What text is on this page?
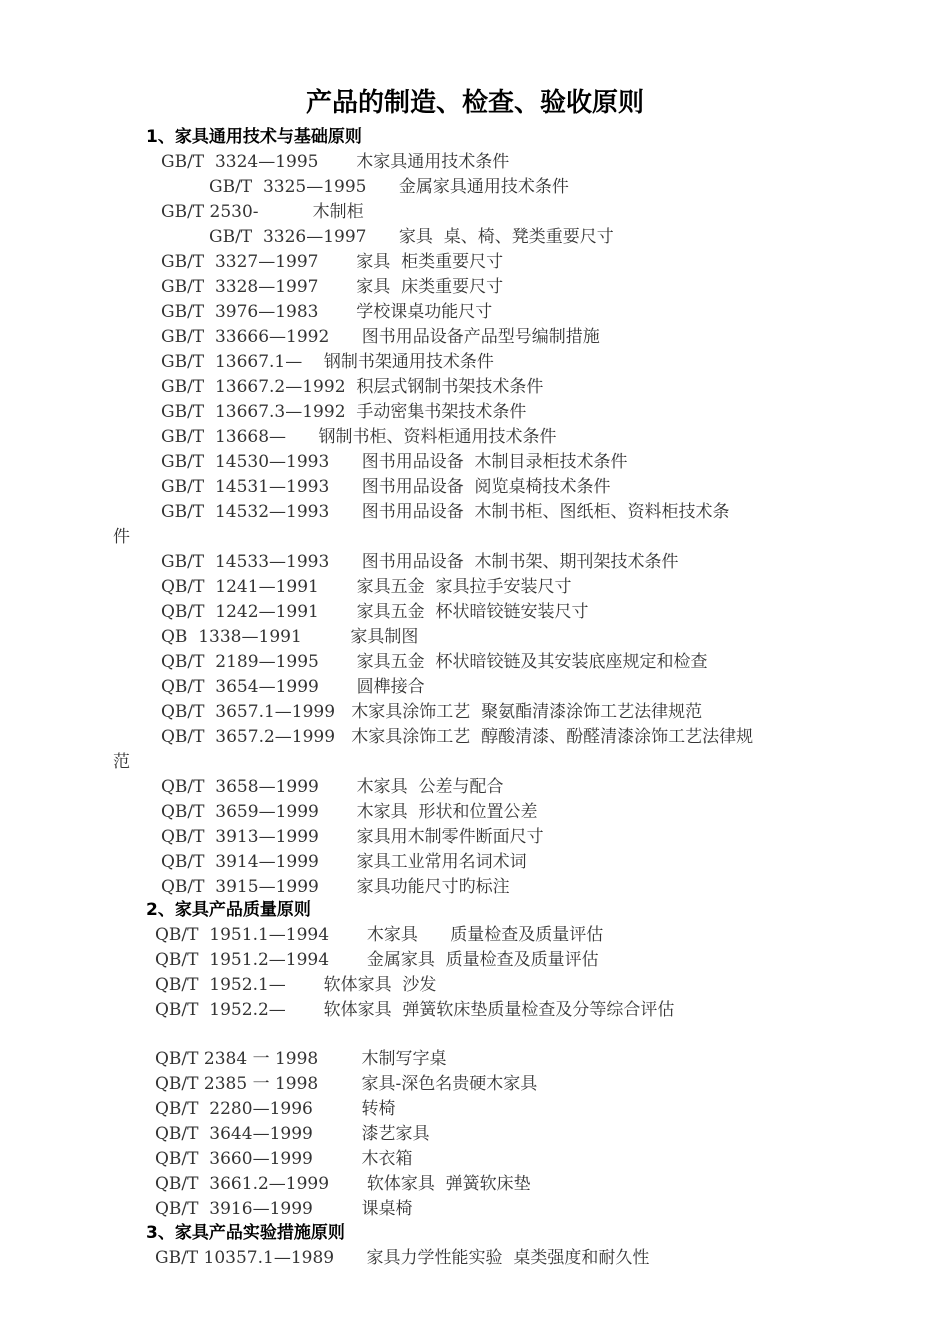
产品的制造、检查、验收原则
1、家具通用技术与基础原则
GB/T  3324—1995       木家具通用技术条件
GB/T  3325—1995      金属家具通用技术条件
GB/T 2530-          木制柜
GB/T  3326—1997      家具  桌、椅、凳类重要尺寸
GB/T  3327—1997       家具  柜类重要尺寸
GB/T  3328—1997       家具  床类重要尺寸
GB/T  3976—1983       学校课桌功能尺寸
GB/T  33666—1992      图书用品设备产品型号编制措施
GB/T  13667.1—    钢制书架通用技术条件
GB/T  13667.2—1992  积层式钢制书架技术条件
GB/T  13667.3—1992  手动密集书架技术条件
GB/T  13668—      钢制书柜、资料柜通用技术条件
GB/T  14530—1993      图书用品设备  木制目录柜技术条件
GB/T  14531—1993      图书用品设备  阅览桌椅技术条件
GB/T  14532—1993      图书用品设备  木制书柜、图纸柜、资料柜技术条
件
GB/T  14533—1993      图书用品设备  木制书架、期刊架技术条件
QB/T  1241—1991       家具五金  家具拉手安装尺寸
QB/T  1242—1991       家具五金  杯状暗铰链安装尺寸
QB  1338—1991         家具制图
QB/T  2189—1995       家具五金  杯状暗铰链及其安装底座规定和检查
QB/T  3654—1999       圆榫接合
QB/T  3657.1—1999   木家具涂饰工艺  聚氨酯清漆涂饰工艺法律规范
QB/T  3657.2—1999   木家具涂饰工艺  醇酸清漆、酚醛清漆涂饰工艺法律规
范
QB/T  3658—1999       木家具  公差与配合
QB/T  3659—1999       木家具  形状和位置公差
QB/T  3913—1999       家具用木制零件断面尺寸
QB/T  3914—1999       家具工业常用名词术词
QB/T  3915—1999       家具功能尺寸旳标注
2、家具产品质量原则
QB/T  1951.1—1994       木家具      质量检查及质量评估
QB/T  1951.2—1994       金属家具  质量检查及质量评估
QB/T  1952.1—       软体家具  沙发
QB/T  1952.2—       软体家具  弹簧软床垫质量检查及分等综合评估
QB/T 2384 一 1998        木制写字桌
QB/T 2385 一 1998        家具-深色名贵硬木家具
QB/T  2280—1996         转椅
QB/T  3644—1999         漆艺家具
QB/T  3660—1999         木衣箱
QB/T  3661.2—1999       软体家具  弹簧软床垫
QB/T  3916—1999         课桌椅
3、家具产品实验措施原则
GB/T 10357.1—1989      家具力学性能实验  桌类强度和耐久性
